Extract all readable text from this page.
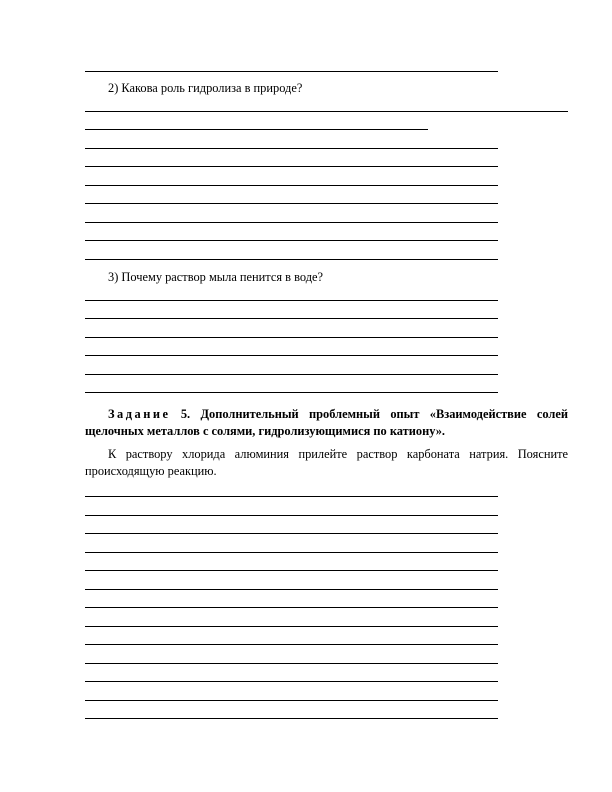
2) Какова роль гидролиза в природе?
3) Почему раствор мыла пенится в воде?
Задание 5. Дополнительный проблемный опыт «Взаимодействие солей щелочных металлов с солями, гидролизующимися по катиону».
К раствору хлорида алюминия прилейте раствор карбоната натрия. Поясните происходящую реакцию.
